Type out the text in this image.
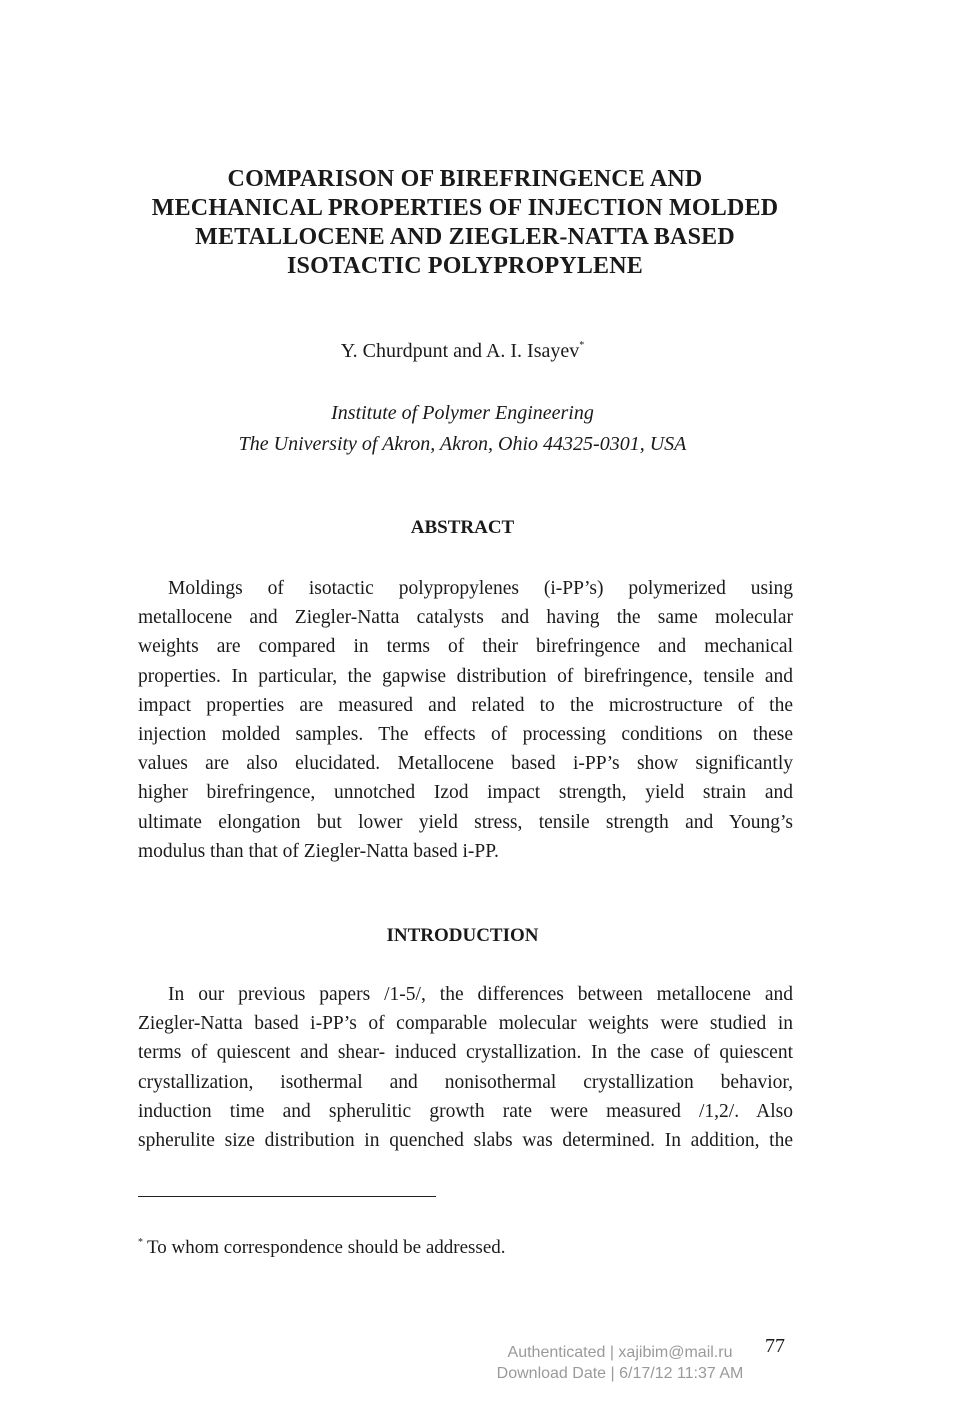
COMPARISON OF BIREFRINGENCE AND
MECHANICAL PROPERTIES OF INJECTION MOLDED
METALLOCENE AND ZIEGLER-NATTA BASED
ISOTACTIC POLYPROPYLENE
Y. Churdpunt and A. I. Isayev*
Institute of Polymer Engineering
The University of Akron, Akron, Ohio 44325-0301, USA
ABSTRACT
Moldings of isotactic polypropylenes (i-PP’s) polymerized using
metallocene and Ziegler-Natta catalysts and having the same molecular
weights are compared in terms of their birefringence and mechanical
properties. In particular, the gapwise distribution of birefringence, tensile and
impact properties are measured and related to the microstructure of the
injection molded samples. The effects of processing conditions on these
values are also elucidated. Metallocene based i-PP’s show significantly
higher birefringence, unnotched Izod impact strength, yield strain and
ultimate elongation but lower yield stress, tensile strength and Young’s
modulus than that of Ziegler-Natta based i-PP.
INTRODUCTION
In our previous papers /1-5/, the differences between metallocene and
Ziegler-Natta based i-PP’s of comparable molecular weights were studied in
terms of quiescent and shear- induced crystallization. In the case of quiescent
crystallization, isothermal and nonisothermal crystallization behavior,
induction time and spherulitic growth rate were measured /1,2/. Also
spherulite size distribution in quenched slabs was determined. In addition, the
* To whom correspondence should be addressed.
Authenticated | xajibim@mail.ru
Download Date | 6/17/12 11:37 AM
77
